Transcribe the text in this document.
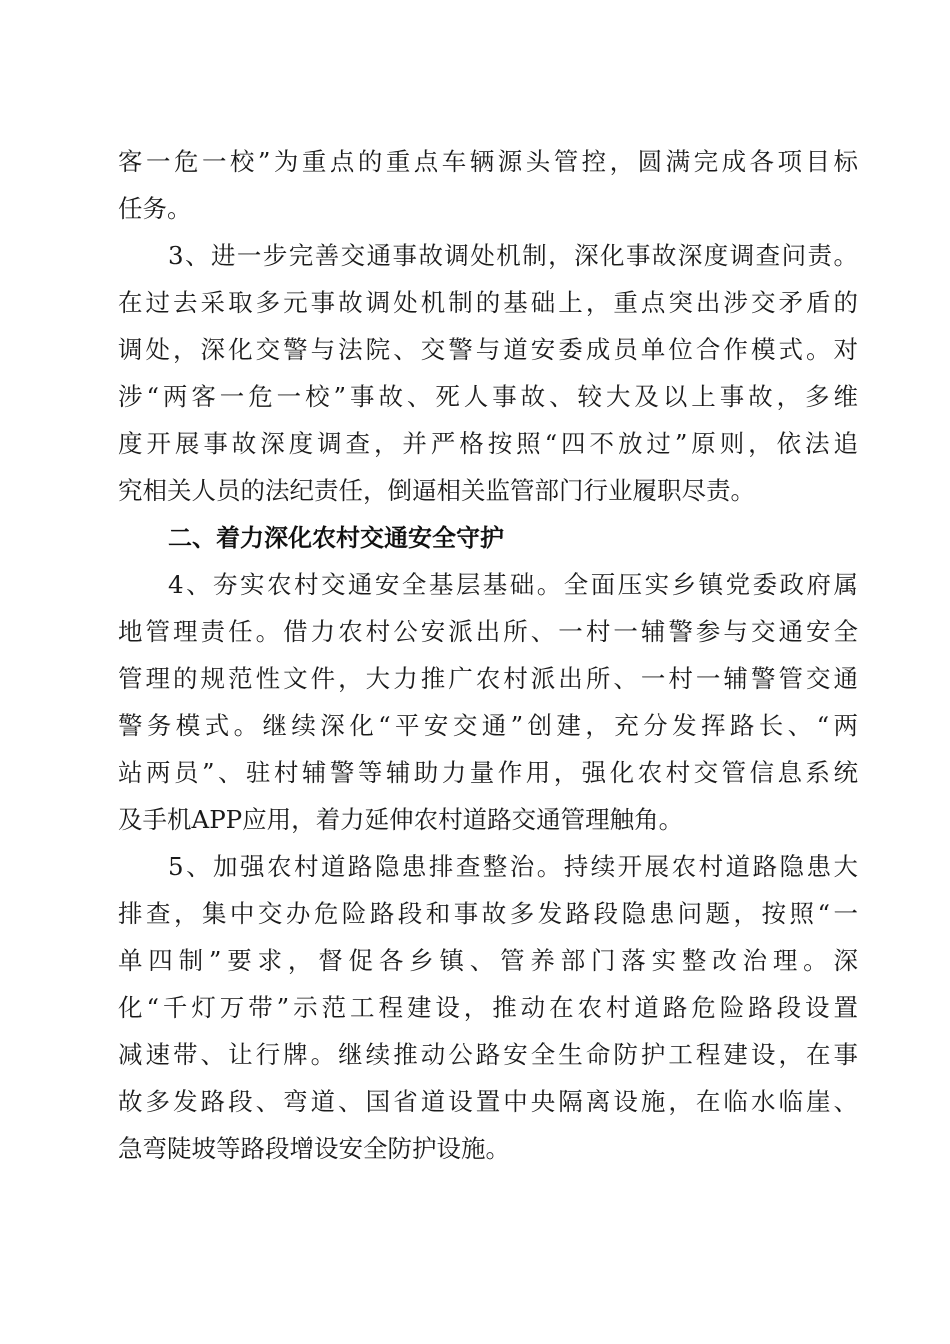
客一危一校”为重点的重点车辆源头管控，圆满完成各项目标
任务。
3、进一步完善交通事故调处机制，深化事故深度调查问责。
在过去采取多元事故调处机制的基础上，重点突出涉交矛盾的
调处，深化交警与法院、交警与道安委成员单位合作模式。对
涉“两客一危一校”事故、死人事故、较大及以上事故，多维
度开展事故深度调查，并严格按照“四不放过”原则，依法追
究相关人员的法纪责任，倒逼相关监管部门行业履职尽责。
二、着力深化农村交通安全守护
4、夯实农村交通安全基层基础。全面压实乡镇党委政府属
地管理责任。借力农村公安派出所、一村一辅警参与交通安全
管理的规范性文件，大力推广农村派出所、一村一辅警管交通
警务模式。继续深化“平安交通”创建，充分发挥路长、“两
站两员”、驻村辅警等辅助力量作用，强化农村交管信息系统
及手机APP应用，着力延伸农村道路交通管理触角。
5、加强农村道路隐患排查整治。持续开展农村道路隐患大
排查，集中交办危险路段和事故多发路段隐患问题，按照“一
单四制”要求，督促各乡镇、管养部门落实整改治理。深
化“千灯万带”示范工程建设，推动在农村道路危险路段设置
减速带、让行牌。继续推动公路安全生命防护工程建设，在事
故多发路段、弯道、国省道设置中央隔离设施，在临水临崖、
急弯陡坡等路段增设安全防护设施。
